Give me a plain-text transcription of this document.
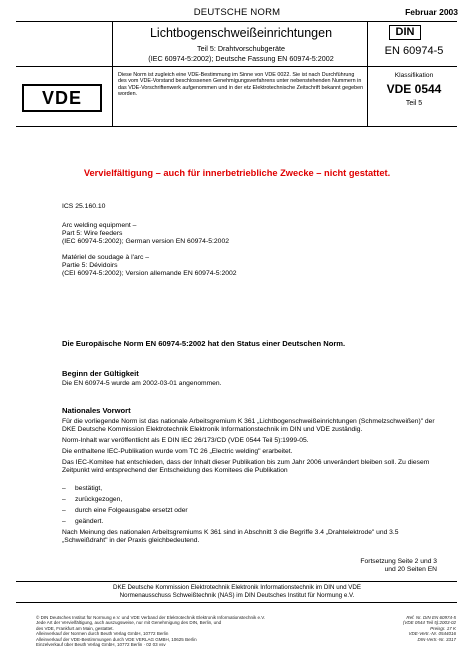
DEUTSCHE NORM	Februar 2003
Lichtbogenschweißeinrichtungen
Teil 5: Drahtvorschubgeräte
(IEC 60974-5:2002); Deutsche Fassung EN 60974-5:2002
DIN
EN 60974-5
VDE
Diese Norm ist zugleich eine VDE-Bestimmung im Sinne von VDE 0022. Sie ist nach Durchführung des vom VDE-Vorstand beschlossenen Genehmigungsverfahrens unter nebenstehenden Nummern in das VDE-Vorschriftenwerk aufgenommen und in der etz Elektrotechnische Zeitschrift bekannt gegeben worden.
Klassifikation
VDE 0544
Teil 5
Vervielfältigung – auch für innerbetriebliche Zwecke – nicht gestattet.
ICS 25.160.10
Arc welding equipment –
Part 5: Wire feeders
(IEC 60974-5:2002); German version EN 60974-5:2002
Matériel de soudage à l'arc –
Partie 5: Dévidoirs
(CEI 60974-5:2002); Version allemande EN 60974-5:2002
Die Europäische Norm EN 60974-5:2002 hat den Status einer Deutschen Norm.
Beginn der Gültigkeit
Die EN 60974-5 wurde am 2002-03-01 angenommen.
Nationales Vorwort
Für die vorliegende Norm ist das nationale Arbeitsgremium K 361 „Lichtbogenschweißeinrichtungen (Schmelzschweißen)" der DKE Deutsche Kommission Elektrotechnik Elektronik Informationstechnik im DIN und VDE zuständig.
Norm-Inhalt war veröffentlicht als E DIN IEC 26/173/CD (VDE 0544 Teil 5):1999-05.
Die enthaltene IEC-Publikation wurde vom TC 26 „Electric welding" erarbeitet.
Das IEC-Komitee hat entschieden, dass der Inhalt dieser Publikation bis zum Jahr 2006 unverändert bleiben soll. Zu diesem Zeitpunkt wird entsprechend der Entscheidung des Komitees die Publikation
– bestätigt,
– zurückgezogen,
– durch eine Folgeausgabe ersetzt oder
– geändert.
Nach Meinung des nationalen Arbeitsgremiums K 361 sind in Abschnitt 3 die Begriffe 3.4 „Drahtelektrode" und 3.5 „Schweißdraht" in der Praxis gleichbedeutend.
Fortsetzung Seite 2 und 3
und 20 Seiten EN
DKE Deutsche Kommission Elektrotechnik Elektronik Informationstechnik im DIN und VDE
Normenausschuss Schweißtechnik (NAS) im DIN Deutsches Institut für Normung e.V.
© DIN Deutsches Institut für Normung e.V. und VDE Verband der Elektrotechnik Elektronik Informationstechnik e.V.
Jede Art der Vervielfältigung, auch auszugsweise, nur mit Genehmigung des DIN, Berlin, und
des VDE, Frankfurt am Main, gestattet.
Alleinverkauf der Normen durch Beuth Verlag GmbH, 10772 Berlin
Alleinverkauf der VDE-Bestimmungen durch VDE VERLAG GMBH, 10625 Berlin
Einzelverkauf über Beuth Verlag GmbH, 10772 Berlin · 02 03 vsv
Ref. Nr. DIN EN 60974-5
(VDE 0544 Teil 5):2003-02
Preisgr. 17 K
VDE-Vertr.-Nr. 0544016
DIN-Vertr.-Nr. 3317
